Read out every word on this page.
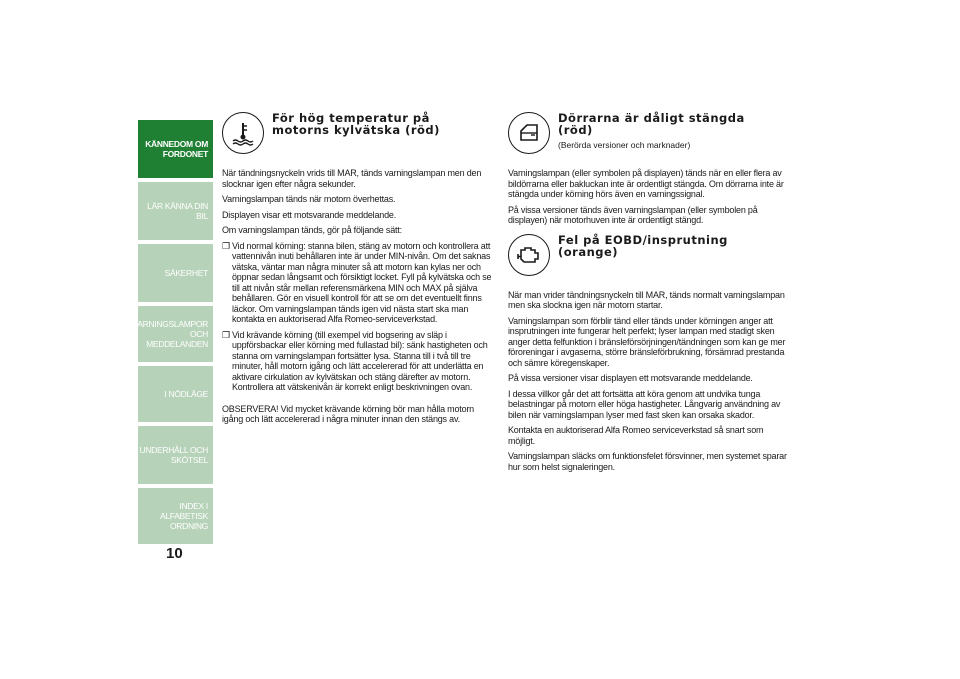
KÄNNEDOM OM
FORDONET
LÄR KÄNNA DIN BIL
SÄKERHET
VARNINGSLAMPOR
OCH MEDDELANDEN
I NÖDLÄGE
UNDERHÅLL OCH
SKÖTSEL
INDEX I ALFABETISK
ORDNING
10
För hög temperatur på
motorns kylvätska (röd)

När tändningsnyckeln vrids till MAR, tänds varningslampan men den slocknar igen efter några sekunder.

Varningslampan tänds när motorn överhettas.

Displayen visar ett motsvarande meddelande.

Om varningslampan tänds, gör på följande sätt:

❐ Vid normal körning: stanna bilen, stäng av motorn och kontrollera att vattennivån inuti behållaren inte är under MIN-nivån. Om det saknas vätska, väntar man några minuter så att motorn kan kylas ner och öppnar sedan långsamt och försiktigt locket. Fyll på kylvätska och se till att nivån står mellan referensmärkena MIN och MAX på själva behållaren. Gör en visuell kontroll för att se om det eventuellt finns läckor. Om varningslampan tänds igen vid nästa start ska man kontakta en auktoriserad Alfa Romeo-serviceverkstad.

❐ Vid krävande körning (till exempel vid bogsering av släp i uppförsbackar eller körning med fullastad bil): sänk hastigheten och stanna om varningslampan fortsätter lysa. Stanna till i två till tre minuter, håll motorn igång och lätt accelererad för att underlätta en aktivare cirkulation av kylvätskan och stäng därefter av motorn. Kontrollera att vätskenivån är korrekt enligt beskrivningen ovan.

OBSERVERA! Vid mycket krävande körning bör man hålla motorn igång och lätt accelererad i några minuter innan den stängs av.

Dörrarna är dåligt stängda
(röd)
(Berörda versioner och marknader)

Varningslampan (eller symbolen på displayen) tänds när en eller flera av bildörrarna eller bakluckan inte är ordentligt stängda. Om dörrarna inte är stängda under körning hörs även en varningssignal.

På vissa versioner tänds även varningslampan (eller symbolen på displayen) när motorhuven inte är ordentligt stängd.

Fel på EOBD/insprutning
(orange)

När man vrider tändningsnyckeln till MAR, tänds normalt varningslampan men ska slockna igen när motorn startar.

Varningslampan som förblir tänd eller tänds under körningen anger att insprutningen inte fungerar helt perfekt; lyser lampan med stadigt sken anger detta felfunktion i bränsleförsörjningen/tändningen som kan ge mer föroreningar i avgaserna, större bränsleförbrukning, försämrad prestanda och sämre köregenskaper.

På vissa versioner visar displayen ett motsvarande meddelande.

I dessa villkor går det att fortsätta att köra genom att undvika tunga belastningar på motorn eller höga hastigheter. Långvarig användning av bilen när varningslampan lyser med fast sken kan orsaka skador.

Kontakta en auktoriserad Alfa Romeo serviceverkstad så snart som möjligt.

Varningslampan släcks om funktionsfelet försvinner, men systemet sparar hur som helst signaleringen.
